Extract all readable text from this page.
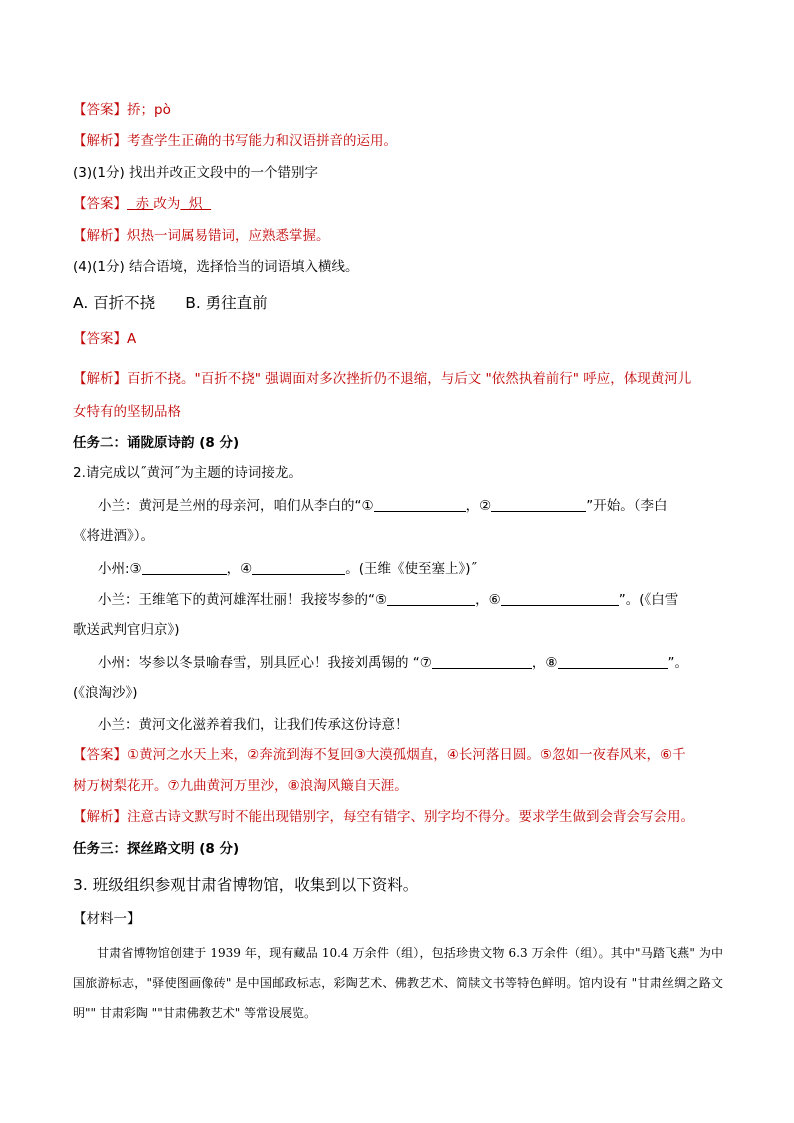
【答案】挢；pò
【解析】考查学生正确的书写能力和汉语拼音的运用。
(3)(1分) 找出并改正文段中的一个错别字
【答案】 赤 改为 炽
【解析】炽热一词属易错词，应熟悉掌握。
(4)(1分) 结合语境，选择恰当的词语填入横线。
A. 百折不挠 B. 勇往直前
【答案】A
【解析】百折不挠。"百折不挠" 强调面对多次挫折仍不退缩，与后文 "依然执着前行" 呼应，体现黄河儿
女特有的坚韧品格
任务二：诵陇原诗韵 (8 分)
2.请完成以˝黄河˝为主题的诗词接龙。
小兰：黄河是兰州的母亲河，咱们从李白的“①	，②	”开始。（李白
《将进酒》）。
小州:③	，④	。(王维《使至塞上》)˝
小兰：王维笔下的黄河雄浑壮丽！我接岑参的“⑤	，⑥	”。(《白雪
歌送武判官归京》)
小州：岑参以冬景喻春雪，别具匠心！我接刘禹锡的 “⑦	，⑧	”。
(《浪淘沙》)
小兰：黄河文化滋养着我们，让我们传承这份诗意！
【答案】①黄河之水天上来，②奔流到海不复回③大漠孤烟直，④长河落日圆。⑤忽如一夜春风来，⑥千
树万树梨花开。⑦九曲黄河万里沙，⑧浪淘风簸自天涯。
【解析】注意古诗文默写时不能出现错别字，每空有错字、别字均不得分。要求学生做到会背会写会用。
任务三：探丝路文明 (8 分)
3. 班级组织参观甘肃省博物馆，收集到以下资料。
【材料一】
甘肃省博物馆创建于 1939 年，现有藏品 10.4 万余件（组），包括珍贵文物 6.3 万余件（组）。其中"马踏飞燕" 为中国旅游标志，"驿使图画像砖" 是中国邮政标志，彩陶艺术、佛教艺术、简牍文书等特色鲜明。馆内设有 "甘肃丝绸之路文明"" 甘肃彩陶 ""甘肃佛教艺术" 等常设展览。
